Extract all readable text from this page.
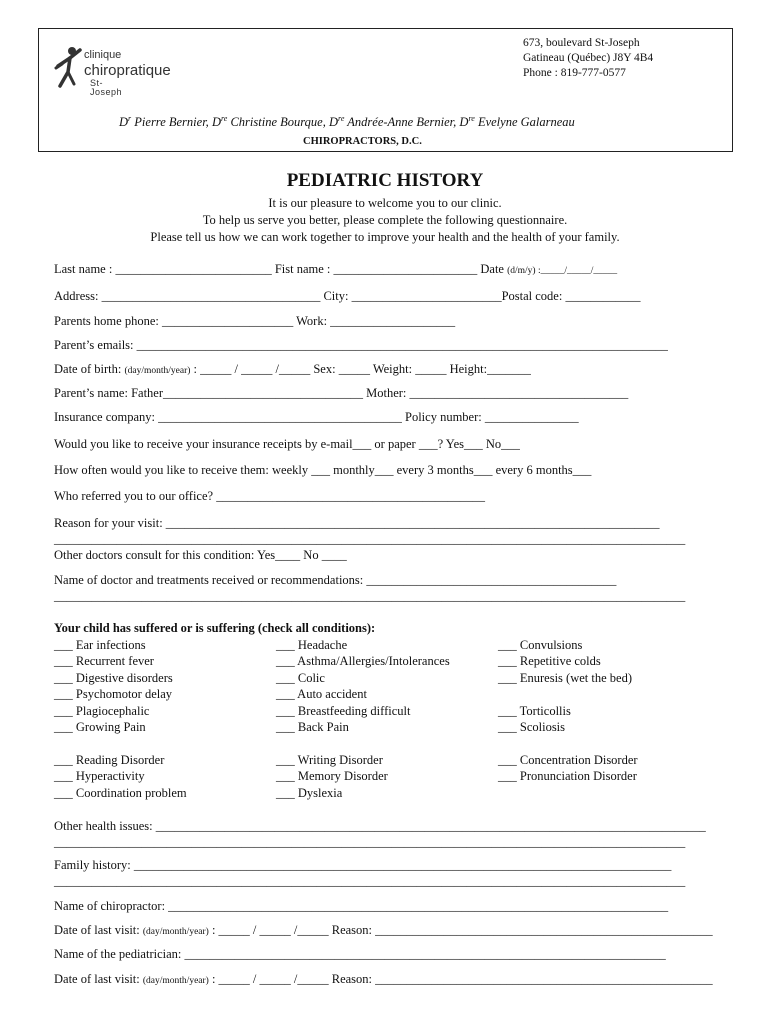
clinique
chiropratique
St-Joseph
673, boulevard St-Joseph
Gatineau (Québec) J8Y 4B4
Phone : 819-777-0577
$D^r$ Pierre Bernier, Dre Christine Bourque, Dre Andrée-Anne Bernier, Dre Evelyne Galarneau
CHIROPRACTORS, D.C.
PEDIATRIC HISTORY
It is our pleasure to welcome you to our clinic.
To help us serve you better, please complete the following questionnaire.
Please tell us how we can work together to improve your health and the health of your family.
Last name : _________________________ Fist name : _______________________ Date (d/m/y) :_____/_____/_____
Address: ___________________________________ City: ________________________Postal code: ____________
Parents home phone: _____________________ Work: ____________________
Parent’s emails: _____________________________________________________________________________________
Date of birth: (day/month/year) : _____ / _____ /_____ Sex: _____ Weight: _____ Height:_______
Parent’s name: Father________________________________ Mother: ___________________________________
Insurance company: _______________________________________ Policy number: _______________
Would you like to receive your insurance receipts by e-mail___ or paper ___? Yes___ No___
How often would you like to receive them: weekly ___ monthly___ every 3 months___ every 6 months___
Who referred you to our office? ___________________________________________
Reason for your visit: _______________________________________________________________________________
_____________________________________________________________________________________________________
Other doctors consult for this condition: Yes____ No ____
Name of doctor and treatments received or recommendations: ________________________________________
_____________________________________________________________________________________________________
Your child has suffered or is suffering (check all conditions):
___ Ear infections
___ Recurrent fever
___ Digestive disorders
___ Psychomotor delay
___ Plagiocephalic
___ Growing Pain
___ Headache
___ Asthma/Allergies/Intolerances
___ Colic
___ Auto accident
___ Breastfeeding difficult
___ Back Pain
___ Convulsions
___ Repetitive colds
___ Enuresis (wet the bed)

___ Torticollis
___ Scoliosis
___ Reading Disorder
___ Hyperactivity
___ Coordination problem
___ Writing Disorder
___ Memory Disorder
___ Dyslexia
___ Concentration Disorder
___ Pronunciation Disorder
Other health issues: ________________________________________________________________________________________
_____________________________________________________________________________________________________
Family history: ______________________________________________________________________________________
_____________________________________________________________________________________________________
Name of chiropractor: ________________________________________________________________________________
Date of last visit: (day/month/year) : _____ / _____ /_____ Reason: ______________________________________________________
Name of the pediatrician: _____________________________________________________________________________
Date of last visit: (day/month/year) : _____ / _____ /_____ Reason: ______________________________________________________
